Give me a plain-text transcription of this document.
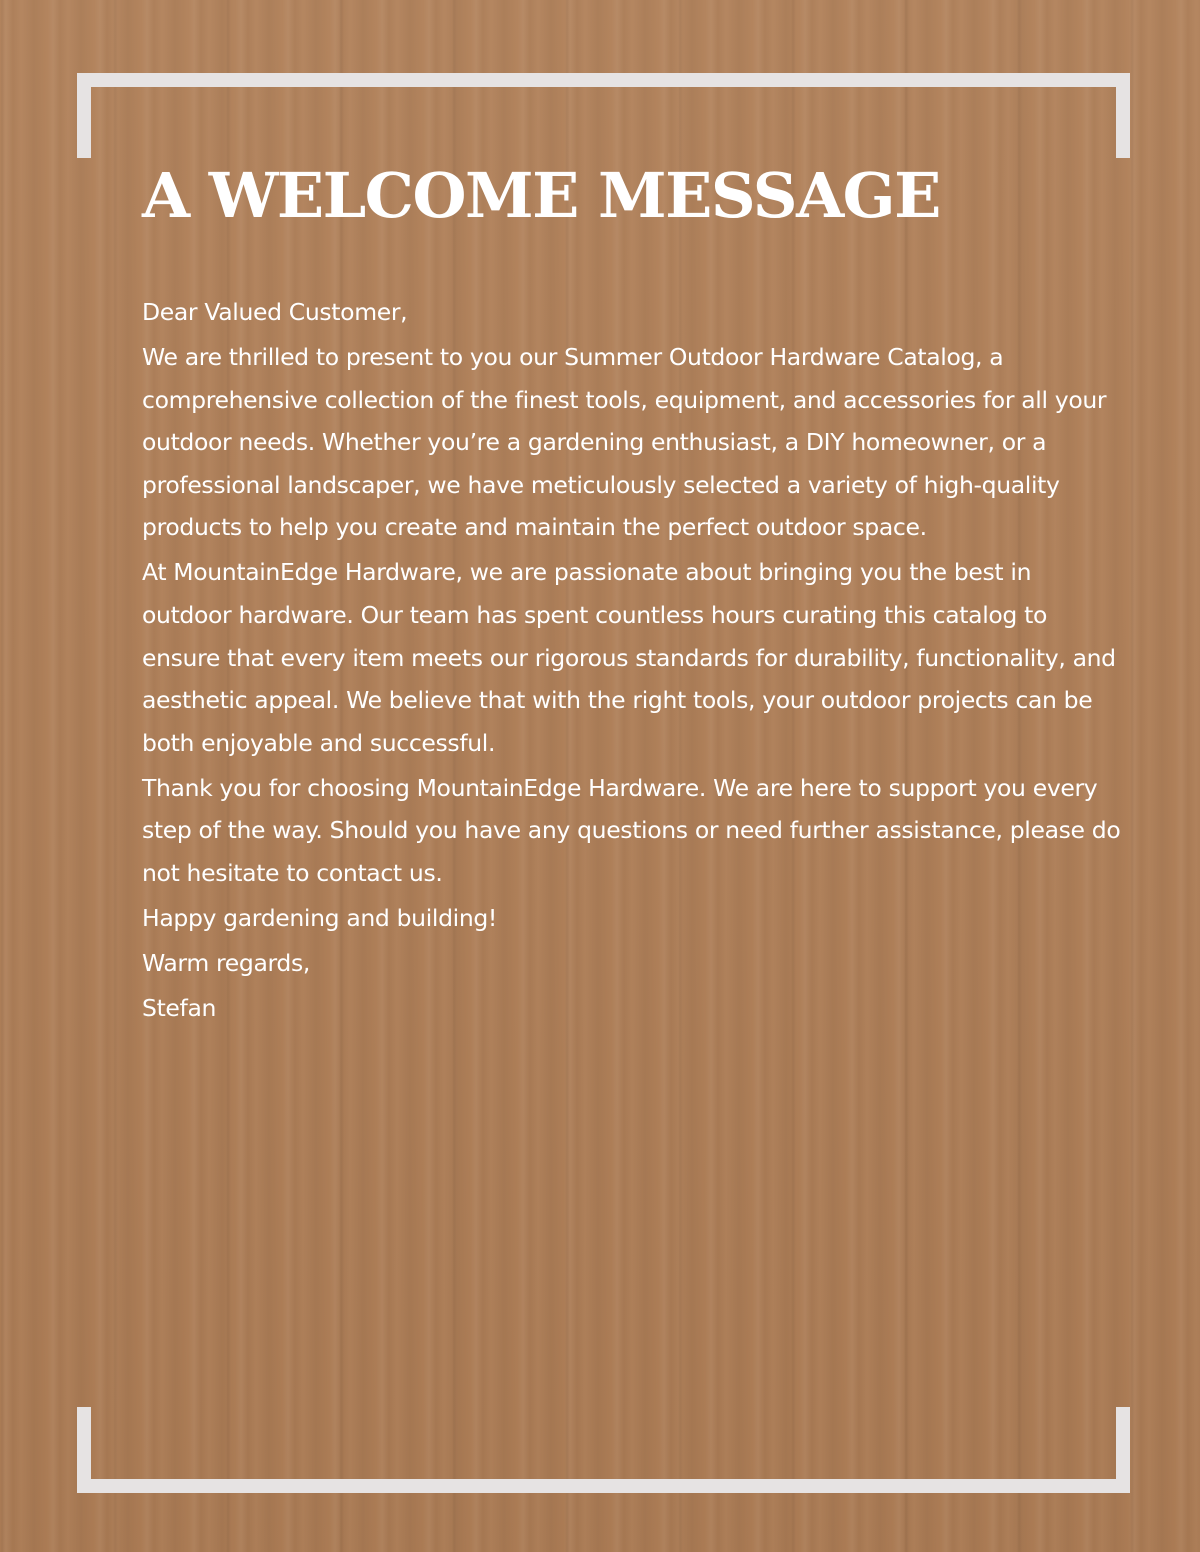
A WELCOME MESSAGE

Dear Valued Customer,

We are thrilled to present to you our Summer Outdoor Hardware Catalog, a comprehensive collection of the finest tools, equipment, and accessories for all your outdoor needs. Whether you’re a gardening enthusiast, a DIY homeowner, or a professional landscaper, we have meticulously selected a variety of high-quality products to help you create and maintain the perfect outdoor space.

At MountainEdge Hardware, we are passionate about bringing you the best in outdoor hardware. Our team has spent countless hours curating this catalog to ensure that every item meets our rigorous standards for durability, functionality, and aesthetic appeal. We believe that with the right tools, your outdoor projects can be both enjoyable and successful.

Thank you for choosing MountainEdge Hardware. We are here to support you every step of the way. Should you have any questions or need further assistance, please do not hesitate to contact us.

Happy gardening and building!

Warm regards,

Stefan
